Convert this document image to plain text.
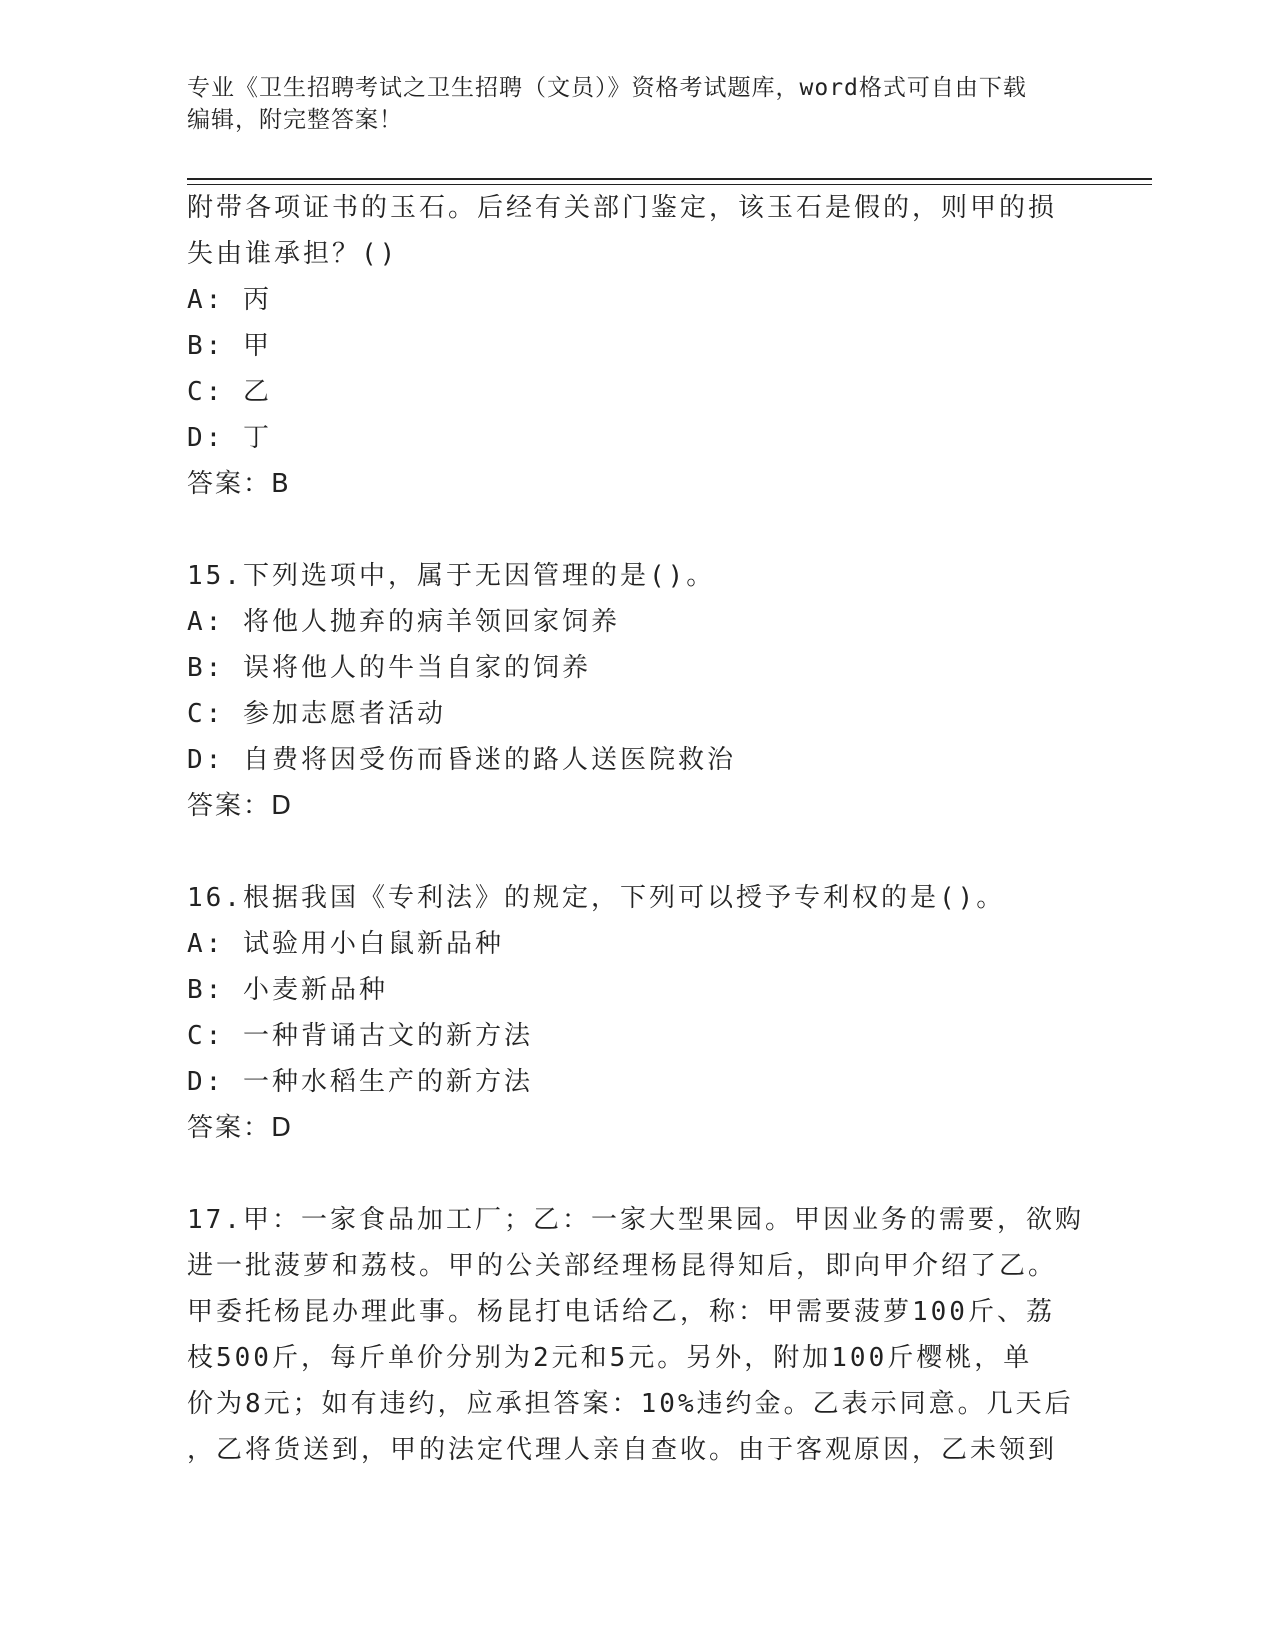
专业《卫生招聘考试之卫生招聘（文员）》资格考试题库，word格式可自由下载
编辑，附完整答案！
附带各项证书的玉石。后经有关部门鉴定，该玉石是假的，则甲的损
失由谁承担？()
A: 丙
B: 甲
C: 乙
D: 丁
答案：B
15.下列选项中，属于无因管理的是()。
A: 将他人抛弃的病羊领回家饲养
B: 误将他人的牛当自家的饲养
C: 参加志愿者活动
D: 自费将因受伤而昏迷的路人送医院救治
答案：D
16.根据我国《专利法》的规定，下列可以授予专利权的是()。
A: 试验用小白鼠新品种
B: 小麦新品种
C: 一种背诵古文的新方法
D: 一种水稻生产的新方法
答案：D
17.甲：一家食品加工厂；乙：一家大型果园。甲因业务的需要，欲购
进一批菠萝和荔枝。甲的公关部经理杨昆得知后，即向甲介绍了乙。
甲委托杨昆办理此事。杨昆打电话给乙，称：甲需要菠萝100斤、荔
枝500斤，每斤单价分别为2元和5元。另外，附加100斤樱桃，单
价为8元；如有违约，应承担答案：10%违约金。乙表示同意。几天后
，乙将货送到，甲的法定代理人亲自查收。由于客观原因，乙未领到
